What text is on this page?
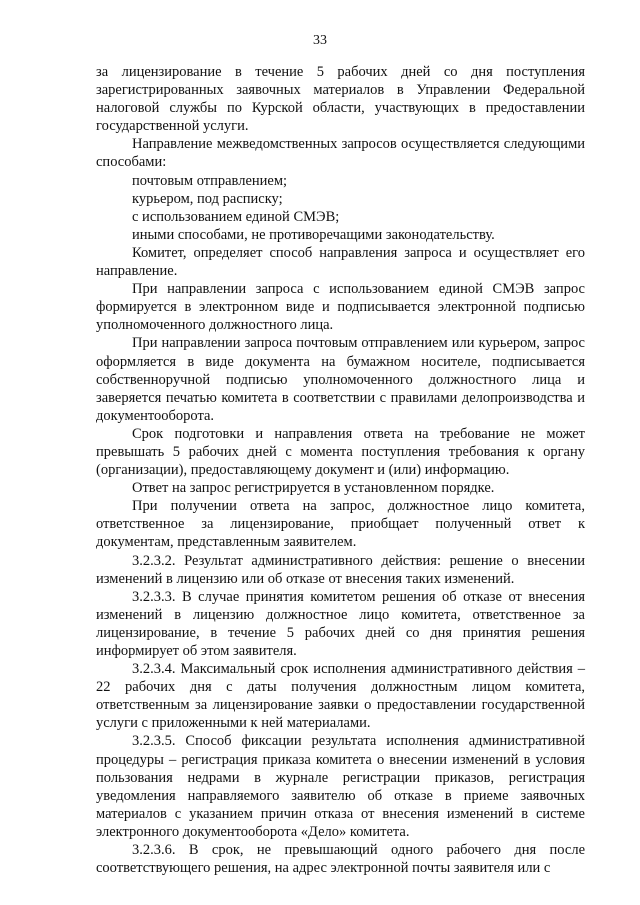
33

за лицензирование в течение 5 рабочих дней со дня поступления зарегистрированных заявочных материалов в Управлении Федеральной налоговой службы по Курской области, участвующих в предоставлении государственной услуги.

Направление межведомственных запросов осуществляется следующими способами:

почтовым отправлением;

курьером, под расписку;

с использованием единой СМЭВ;

иными способами, не противоречащими законодательству.

Комитет, определяет способ направления запроса и осуществляет его направление.

При направлении запроса с использованием единой СМЭВ запрос формируется в электронном виде и подписывается электронной подписью уполномоченного должностного лица.

При направлении запроса почтовым отправлением или курьером, запрос оформляется в виде документа на бумажном носителе, подписывается собственноручной подписью уполномоченного должностного лица и заверяется печатью комитета в соответствии с правилами делопроизводства и документооборота.

Срок подготовки и направления ответа на требование не может превышать 5 рабочих дней с момента поступления требования к органу (организации), предоставляющему документ и (или) информацию.

Ответ на запрос регистрируется в установленном порядке.

При получении ответа на запрос, должностное лицо комитета, ответственное за лицензирование, приобщает полученный ответ к документам, представленным заявителем.

3.2.3.2. Результат административного действия: решение о внесении изменений в лицензию или об отказе от внесения таких изменений.

3.2.3.3. В случае принятия комитетом решения об отказе от внесения изменений в лицензию должностное лицо комитета, ответственное за лицензирование, в течение 5 рабочих дней со дня принятия решения информирует об этом заявителя.

3.2.3.4. Максимальный срок исполнения административного действия – 22 рабочих дня с даты получения должностным лицом комитета, ответственным за лицензирование заявки о предоставлении государственной услуги с приложенными к ней материалами.

3.2.3.5. Способ фиксации результата исполнения административной процедуры – регистрация приказа комитета о внесении изменений в условия пользования недрами в журнале регистрации приказов, регистрация уведомления направляемого заявителю об отказе в приеме заявочных материалов с указанием причин отказа от внесения изменений в системе электронного документооборота «Дело» комитета.

3.2.3.6. В срок, не превышающий одного рабочего дня после соответствующего решения, на адрес электронной почты заявителя или с
